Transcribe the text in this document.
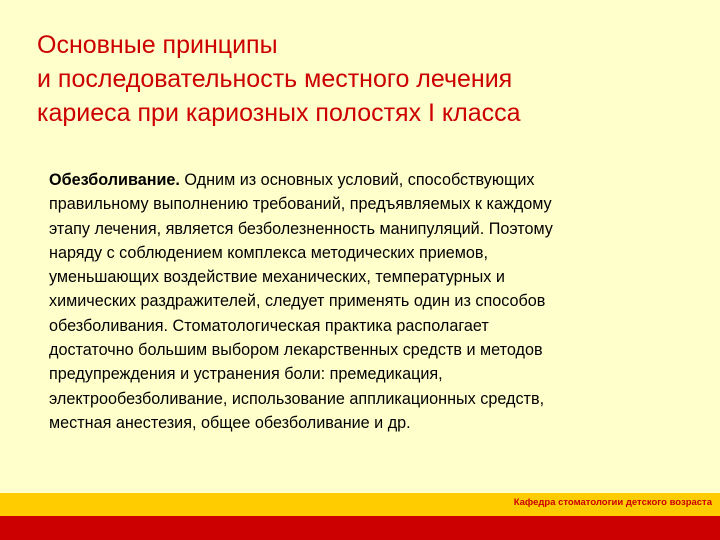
Основные принципы
и последовательность местного лечения
кариеса при кариозных полостях I класса
Обезболивание. Одним из основных условий, способствующих
правильному выполнению требований, предъявляемых к каждому
этапу лечения, является безболезненность манипуляций. Поэтому
наряду с соблюдением комплекса методических приемов,
уменьшающих воздействие механических, температурных и
химических раздражителей, следует применять один из способов
обезболивания. Стоматологическая практика располагает
достаточно большим выбором лекарственных средств и методов
предупреждения и устранения боли: премедикация,
электрообезболивание, использование аппликационных средств,
местная анестезия, общее обезболивание и др.
Кафедра стоматологии детского возраста
